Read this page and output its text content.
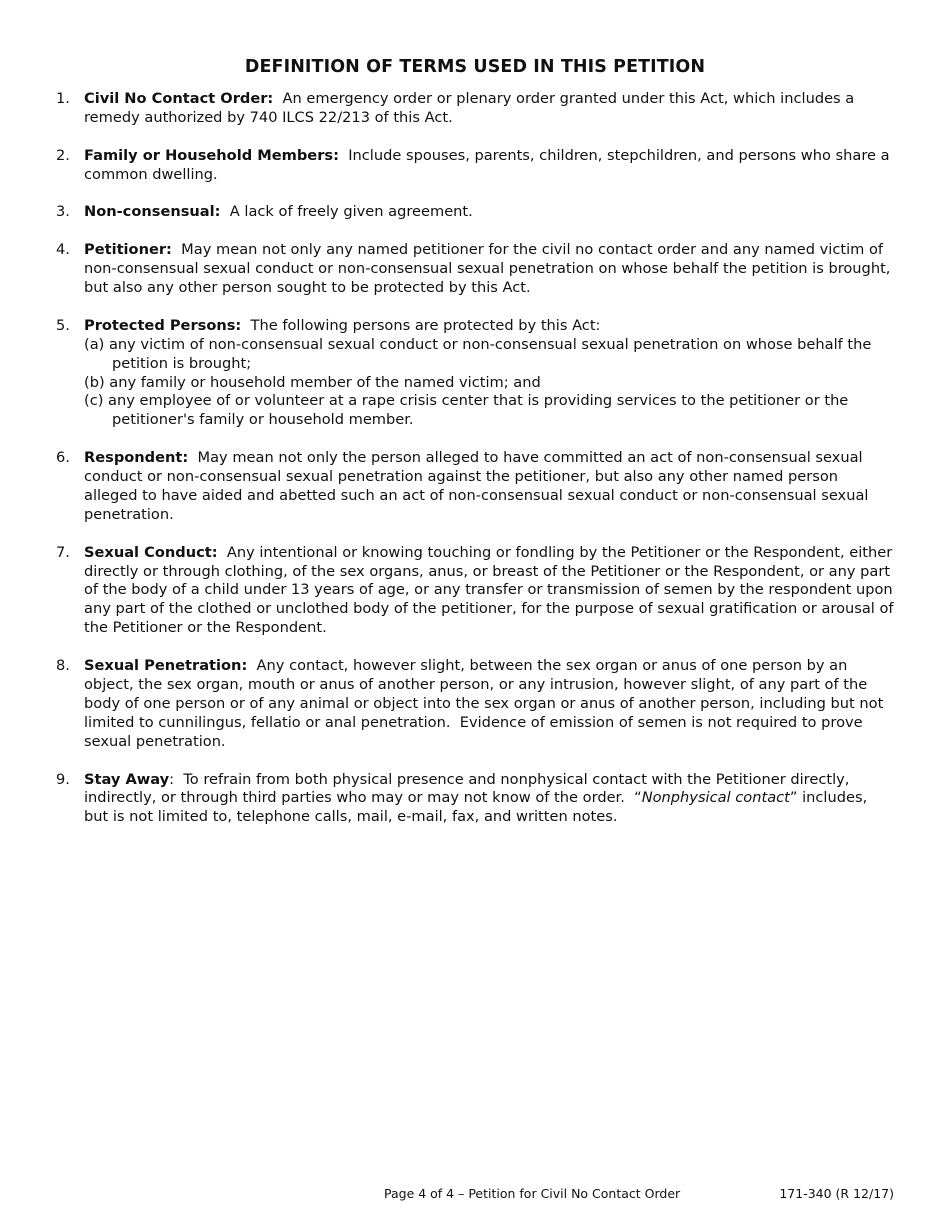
DEFINITION OF TERMS USED IN THIS PETITION
1. Civil No Contact Order:  An emergency order or plenary order granted under this Act, which includes a remedy authorized by 740 ILCS 22/213 of this Act.
2. Family or Household Members:  Include spouses, parents, children, stepchildren, and persons who share a common dwelling.
3. Non-consensual:  A lack of freely given agreement.
4. Petitioner:  May mean not only any named petitioner for the civil no contact order and any named victim of non-consensual sexual conduct or non-consensual sexual penetration on whose behalf the petition is brought, but also any other person sought to be protected by this Act.
5. Protected Persons:  The following persons are protected by this Act:
(a) any victim of non-consensual sexual conduct or non-consensual sexual penetration on whose behalf the petition is brought;
(b) any family or household member of the named victim; and
(c) any employee of or volunteer at a rape crisis center that is providing services to the petitioner or the petitioner's family or household member.
6. Respondent:  May mean not only the person alleged to have committed an act of non-consensual sexual conduct or non-consensual sexual penetration against the petitioner, but also any other named person alleged to have aided and abetted such an act of non-consensual sexual conduct or non-consensual sexual penetration.
7. Sexual Conduct:  Any intentional or knowing touching or fondling by the Petitioner or the Respondent, either directly or through clothing, of the sex organs, anus, or breast of the Petitioner or the Respondent, or any part of the body of a child under 13 years of age, or any transfer or transmission of semen by the respondent upon any part of the clothed or unclothed body of the petitioner, for the purpose of sexual gratification or arousal of the Petitioner or the Respondent.
8. Sexual Penetration:  Any contact, however slight, between the sex organ or anus of one person by an object, the sex organ, mouth or anus of another person, or any intrusion, however slight, of any part of the body of one person or of any animal or object into the sex organ or anus of another person, including but not limited to cunnilingus, fellatio or anal penetration.  Evidence of emission of semen is not required to prove sexual penetration.
9. Stay Away:  To refrain from both physical presence and nonphysical contact with the Petitioner directly, indirectly, or through third parties who may or may not know of the order.  “Nonphysical contact” includes, but is not limited to, telephone calls, mail, e-mail, fax, and written notes.
Page 4 of 4 – Petition for Civil No Contact Order	171-340 (R 12/17)
